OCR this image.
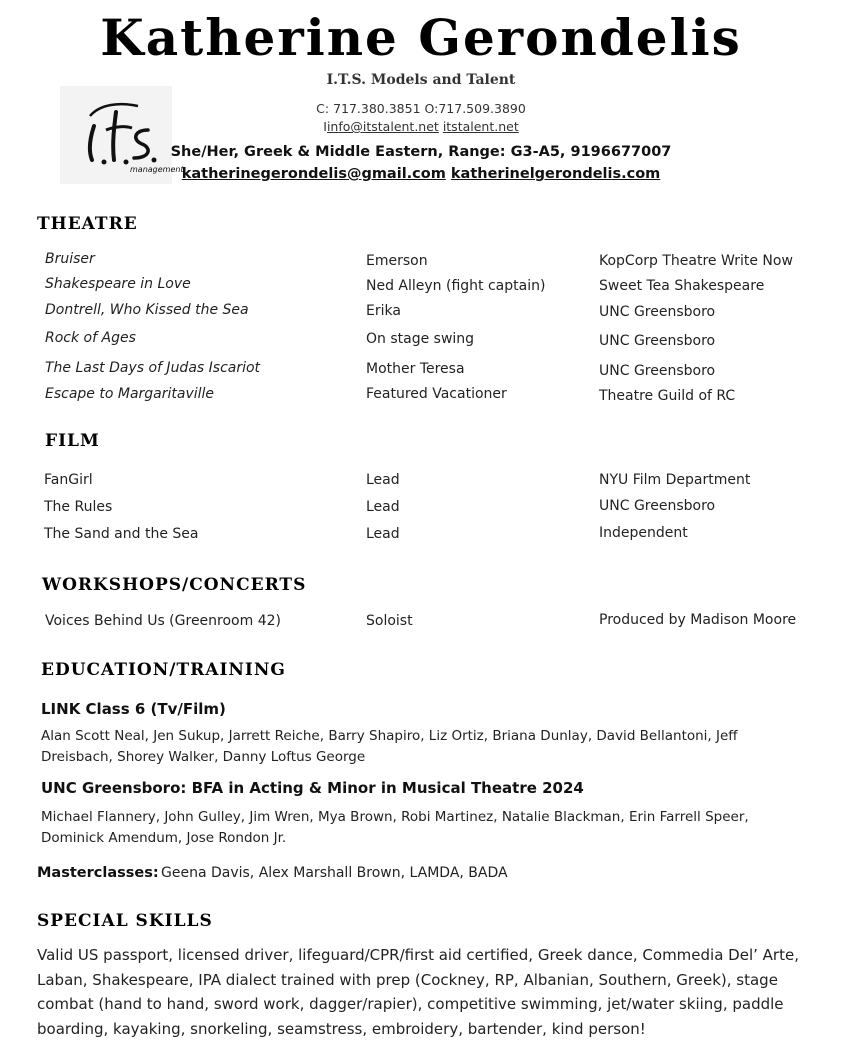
Katherine Gerondelis
I.T.S. Models and Talent
C: 717.380.3851 O:717.509.3890
Iinfo@itstalent.net itstalent.net
management
She/Her, Greek & Middle Eastern, Range: G3-A5, 9196677007
katherinegerondelis@gmail.com katherinelgerondelis.com
THEATRE
Bruiser	Emerson	KopCorp Theatre Write Now
Shakespeare in Love	Ned Alleyn (fight captain)	Sweet Tea Shakespeare
Dontrell, Who Kissed the Sea	Erika	UNC Greensboro
Rock of Ages	On stage swing	UNC Greensboro
The Last Days of Judas Iscariot	Mother Teresa	UNC Greensboro
Escape to Margaritaville	Featured Vacationer	Theatre Guild of RC
FILM
FanGirl	Lead	NYU Film Department
The Rules	Lead	UNC Greensboro
The Sand and the Sea	Lead	Independent
WORKSHOPS/CONCERTS
Voices Behind Us (Greenroom 42)	Soloist	Produced by Madison Moore
EDUCATION/TRAINING
LINK Class 6 (Tv/Film)
Alan Scott Neal, Jen Sukup, Jarrett Reiche, Barry Shapiro, Liz Ortiz, Briana Dunlay, David Bellantoni, Jeff Dreisbach, Shorey Walker, Danny Loftus George
UNC Greensboro: BFA in Acting & Minor in Musical Theatre 2024
Michael Flannery, John Gulley, Jim Wren, Mya Brown, Robi Martinez, Natalie Blackman, Erin Farrell Speer, Dominick Amendum, Jose Rondon Jr.
Masterclasses: Geena Davis, Alex Marshall Brown, LAMDA, BADA
SPECIAL SKILLS
Valid US passport, licensed driver, lifeguard/CPR/first aid certified, Greek dance, Commedia Del’ Arte, Laban, Shakespeare, IPA dialect trained with prep (Cockney, RP, Albanian, Southern, Greek), stage combat (hand to hand, sword work, dagger/rapier), competitive swimming, jet/water skiing, paddle boarding, kayaking, snorkeling, seamstress, embroidery, bartender, kind person!
